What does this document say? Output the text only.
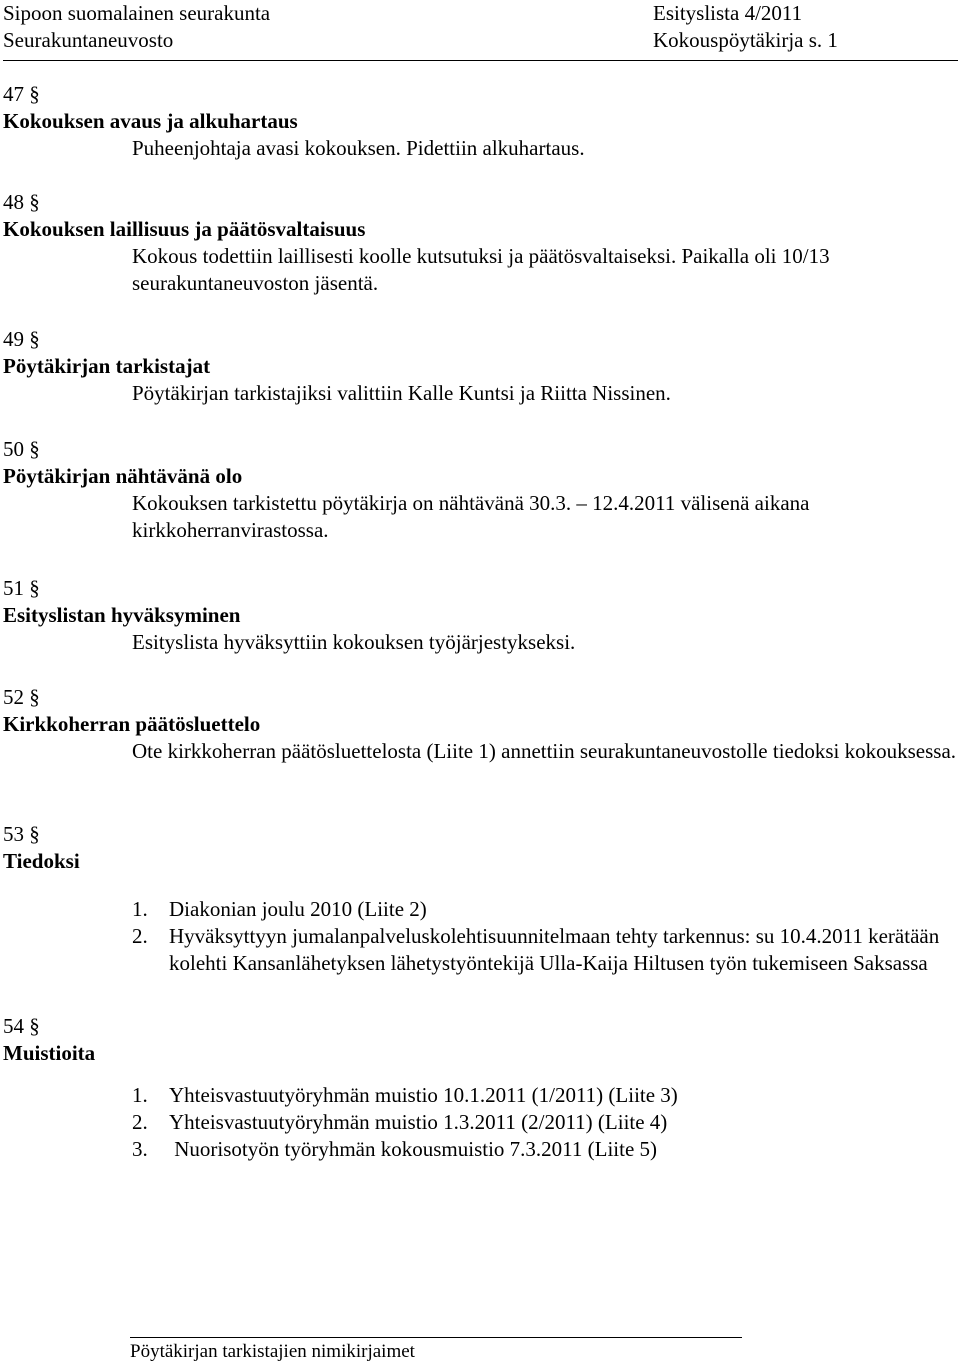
Sipoon suomalainen seurakunta
Seurakuntaneuvosto
Esityslista 4/2011
Kokouspöytäkirja s. 1
47 §
Kokouksen avaus ja alkuhartaus
Puheenjohtaja avasi kokouksen. Pidettiin alkuhartaus.
48 §
Kokouksen laillisuus ja päätösvaltaisuus
Kokous todettiin laillisesti koolle kutsutuksi ja päätösvaltaiseksi. Paikalla oli 10/13 seurakuntaneuvoston jäsentä.
49 §
Pöytäkirjan tarkistajat
Pöytäkirjan tarkistajiksi valittiin Kalle Kuntsi ja Riitta Nissinen.
50 §
Pöytäkirjan nähtävänä olo
Kokouksen tarkistettu pöytäkirja on nähtävänä 30.3. – 12.4.2011 välisenä aikana kirkkoherranvirastossa.
51 §
Esityslistan hyväksyminen
Esityslista hyväksyttiin kokouksen työjärjestykseksi.
52 §
Kirkkoherran päätösluettelo
Ote kirkkoherran päätösluettelosta (Liite 1) annettiin seurakuntaneuvostolle tiedoksi kokouksessa.
53 §
Tiedoksi
1.	Diakonian joulu 2010 (Liite 2)
2.	Hyväksyttyyn jumalanpalveluskolehtisuunnitelmaan tehty tarkennus: su 10.4.2011 kerätään kolehti Kansanlähetyksen lähetystyöntekijä Ulla-Kaija Hiltusen työn tukemiseen Saksassa
54 §
Muistioita
1.	Yhteisvastuutyöryhmän muistio 10.1.2011 (1/2011) (Liite 3)
2.	Yhteisvastuutyöryhmän muistio 1.3.2011 (2/2011) (Liite 4)
3.	Nuorisotyön työryhmän kokousmuistio 7.3.2011 (Liite 5)
Pöytäkirjan tarkistajien nimikirjaimet
